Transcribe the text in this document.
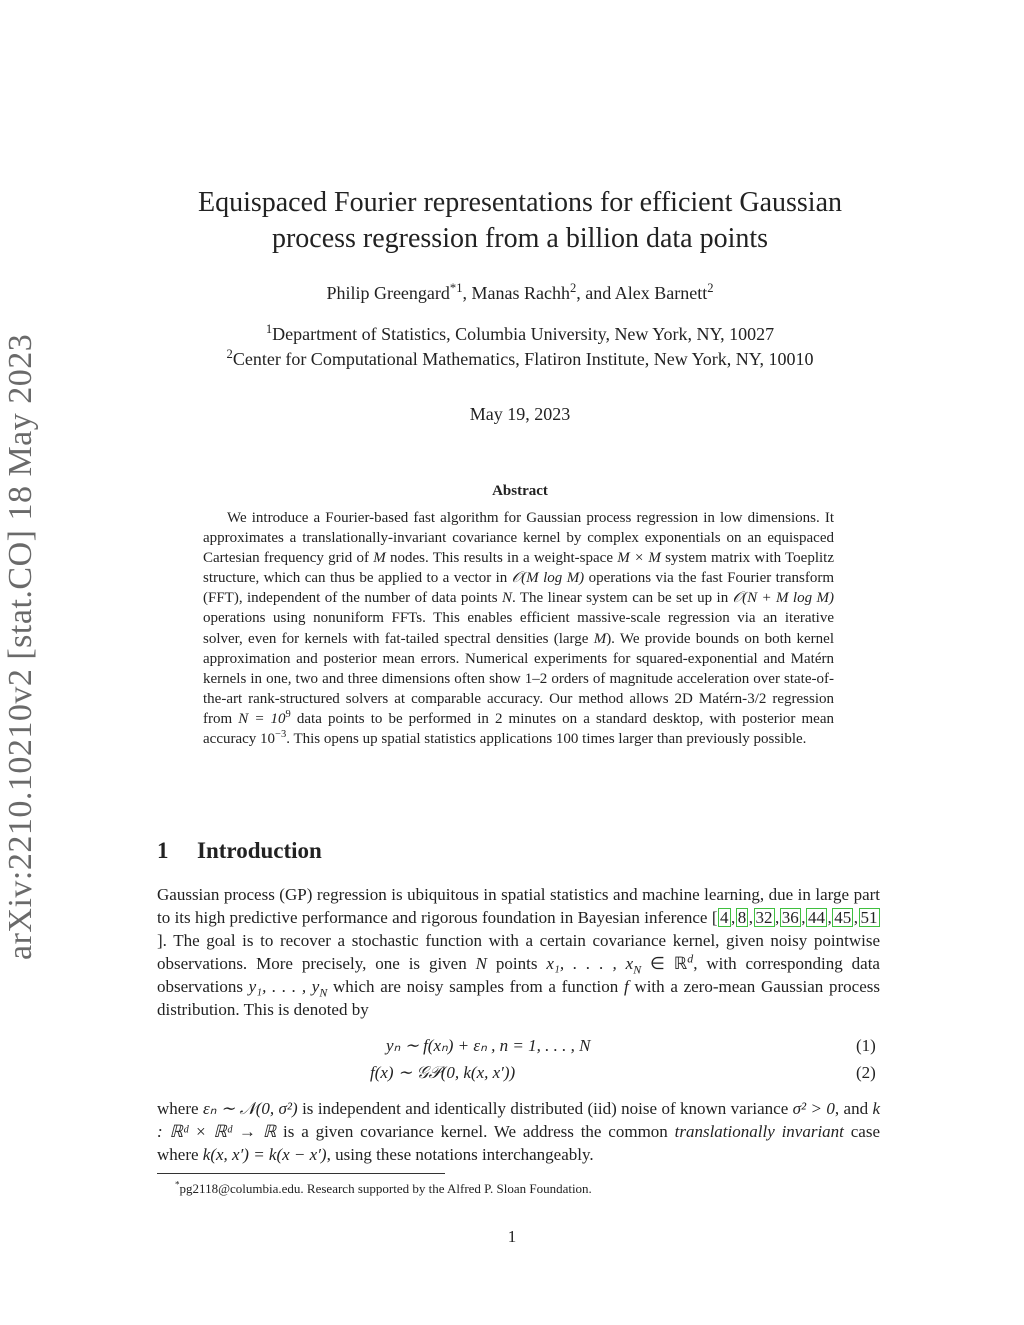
arXiv:2210.10210v2 [stat.CO] 18 May 2023
Equispaced Fourier representations for efficient Gaussian
process regression from a billion data points
Philip Greengard$^{*1}$, Manas Rachh$^2$, and Alex Barnett$^2$
$^1$Department of Statistics, Columbia University, New York, NY, 10027
$^2$Center for Computational Mathematics, Flatiron Institute, New York, NY, 10010
May 19, 2023
Abstract
We introduce a Fourier-based fast algorithm for Gaussian process regression in low dimensions. It approximates a translationally-invariant covariance kernel by complex exponentials on an equispaced Cartesian frequency grid of M nodes. This results in a weight-space M × M system matrix with Toeplitz structure, which can thus be applied to a vector in 𝒪(M log M) operations via the fast Fourier transform (FFT), independent of the number of data points N. The linear system can be set up in 𝒪(N + M log M) operations using nonuniform FFTs. This enables efficient massive-scale regression via an iterative solver, even for kernels with fat-tailed spectral densities (large M). We provide bounds on both kernel approximation and posterior mean errors. Numerical experiments for squared-exponential and Matérn kernels in one, two and three dimensions often show 1–2 orders of magnitude acceleration over state-of-the-art rank-structured solvers at comparable accuracy. Our method allows 2D Matérn-3/2 regression from $N = 10^9$ data points to be performed in 2 minutes on a standard desktop, with posterior mean accuracy $10^{-3}$. This opens up spatial statistics applications 100 times larger than previously possible.
1 Introduction
Gaussian process (GP) regression is ubiquitous in spatial statistics and machine learning, due in large part to its high predictive performance and rigorous foundation in Bayesian inference [ 4 , 8 , 32 , 36 , 44 , 45 , 51]. The goal is to recover a stochastic function with a certain covariance kernel, given noisy pointwise observations. More precisely, one is given N points x₁, . . . , $x_N$ ∈ ℝ$^d$, with corresponding data observations y₁, . . . , $y_N$ which are noisy samples from a function f with a zero-mean Gaussian process distribution. This is denoted by
yₙ ∼ f(xₙ) + εₙ , n = 1, . . . , N	(1)
f(x) ∼ 𝒢𝒫(0, k(x, x′))	(2)
where εₙ ∼ 𝒩(0, σ²) is independent and identically distributed (iid) noise of known variance σ² > 0, and k : ℝᵈ × ℝᵈ → ℝ is a given covariance kernel. We address the common translationally invariant case where k(x, x′) = k(x − x′), using these notations interchangeably.
*pg2118@columbia.edu. Research supported by the Alfred P. Sloan Foundation.
1
